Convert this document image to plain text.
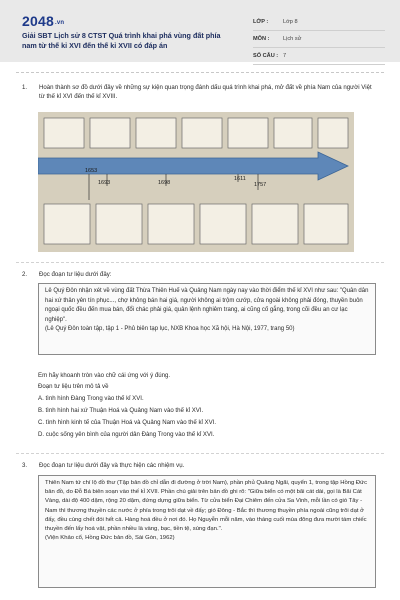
2048.vn
Giải SBT Lịch sử 8 CTST Quá trình khai phá vùng đất phía nam từ thế kỉ XVI đến thế kỉ XVII có đáp án
LỚP :	Lớp 8
MÔN :	Lịch sử
SỐ CÂU : 7
1. Hoàn thành sơ đồ dưới đây về những sự kiện quan trọng đánh dấu quá trình khai phá, mở đất về phía Nam của người Việt từ thế kỉ XVI đến thế kỉ XVIII.
1653
1693	1698
1611
1757
2. Đọc đoạn tư liệu dưới đây:
Lê Quý Đôn nhận xét về vùng đất Thừa Thiên Huế và Quảng Nam ngày nay vào thời điểm thế kỉ XVI như sau: "Quân dân hai xứ thân yên tín phục..., chợ không bán hai giá, người không ai trộm cướp, cửa ngoài không phải đóng, thuyền buôn ngoại quốc đều đến mua bán, đổi chác phải giá, quân lệnh nghiêm trang, ai cũng cố gắng, trong cõi đều an cư lạc nghiệp".
(Lê Quý Đôn toàn tập, tập 1 - Phủ biên tạp lục, NXB Khoa học Xã hội, Hà Nội, 1977, trang 50)
Em hãy khoanh tròn vào chữ cái ứng với ý đúng.
Đoạn tư liệu trên mô tả về
A. tình hình Đàng Trong vào thế kỉ XVI.
B. tình hình hai xứ Thuận Hoá và Quảng Nam vào thế kỉ XVI.
C. tình hình kinh tế của Thuận Hoá và Quảng Nam vào thế kỉ XVI.
D. cuộc sống yên bình của người dân Đàng Trong vào thế kỉ XVI.
3. Đọc đoạn tư liệu dưới đây và thực hiện các nhiệm vụ.
Thiên Nam tứ chí lộ đồ thư (Tập bản đồ chỉ dẫn đi đường ở trời Nam), phần phủ Quảng Ngãi, quyển 1, trong tập Hồng Đức bản đồ, do Đỗ Bá biên soạn vào thế kỉ XVII. Phần chú giải trên bản đồ ghi rõ: "Giữa biển có một bãi cát dài, gọi là Bãi Cát Vàng, dài độ 400 dặm, rộng 20 dặm, đứng dựng giữa biển. Từ cửa biển Đại Chiêm đến cửa Sa Vinh, mỗi lần có gió Tây - Nam thì thương thuyền các nước ở phía trong trôi dạt về đấy; gió Đông - Bắc thì thương thuyền phía ngoài cũng trôi dạt ở đấy, đều cùng chết đói hết cả. Hàng hoá đều ở nơi đó. Họ Nguyễn mỗi năm, vào tháng cuối mùa đông đưa mười tám chiếc thuyền đến lấy hoá vật, phần nhiều là vàng, bạc, tiền tệ, súng đạn.".
(Viện Khảo cổ, Hồng Đức bản đồ, Sài Gòn, 1962)
